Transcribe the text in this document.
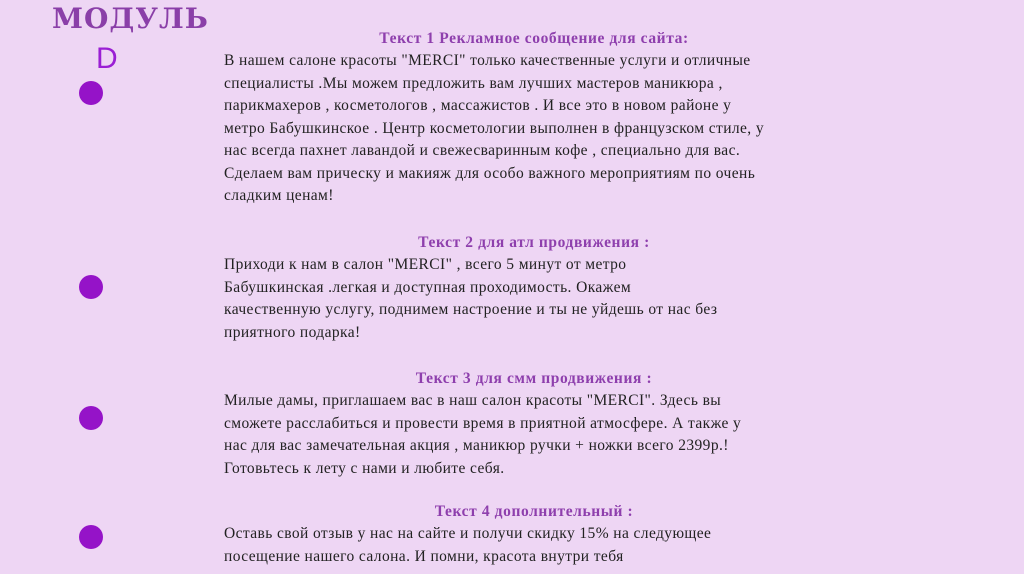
МОДУЛЬ
D
Текст 1 Рекламное сообщение для сайта:
В нашем салоне красоты "MERCI" только качественные услуги и отличные
специалисты .Мы можем предложить вам лучших мастеров маникюра ,
парикмахеров , косметологов , массажистов . И все это в новом районе у
метро Бабушкинское . Центр косметологии выполнен в французском стиле, у
нас всегда пахнет лавандой и свежесваринным кофе , специально для вас.
Сделаем вам прическу и макияж для особо важного мероприятиям по очень
сладким ценам!
Текст 2 для атл продвижения :
Приходи к нам в салон "MERCI" , всего 5 минут от метро
Бабушкинская .легкая и доступная проходимость. Окажем
качественную услугу, поднимем настроение и ты не уйдешь от нас без
приятного подарка!
Текст 3 для смм продвижения :
Милые дамы, приглашаем вас в наш салон красоты "MERCI". Здесь вы
сможете расслабиться и провести время в приятной атмосфере. А также у
нас для вас замечательная акция , маникюр ручки + ножки всего 2399р.!
Готовьтесь к лету с нами и любите себя.
Текст 4 дополнительный :
Оставь свой отзыв у нас на сайте и получи скидку 15% на следующее
посещение нашего салона. И помни, красота внутри тебя
